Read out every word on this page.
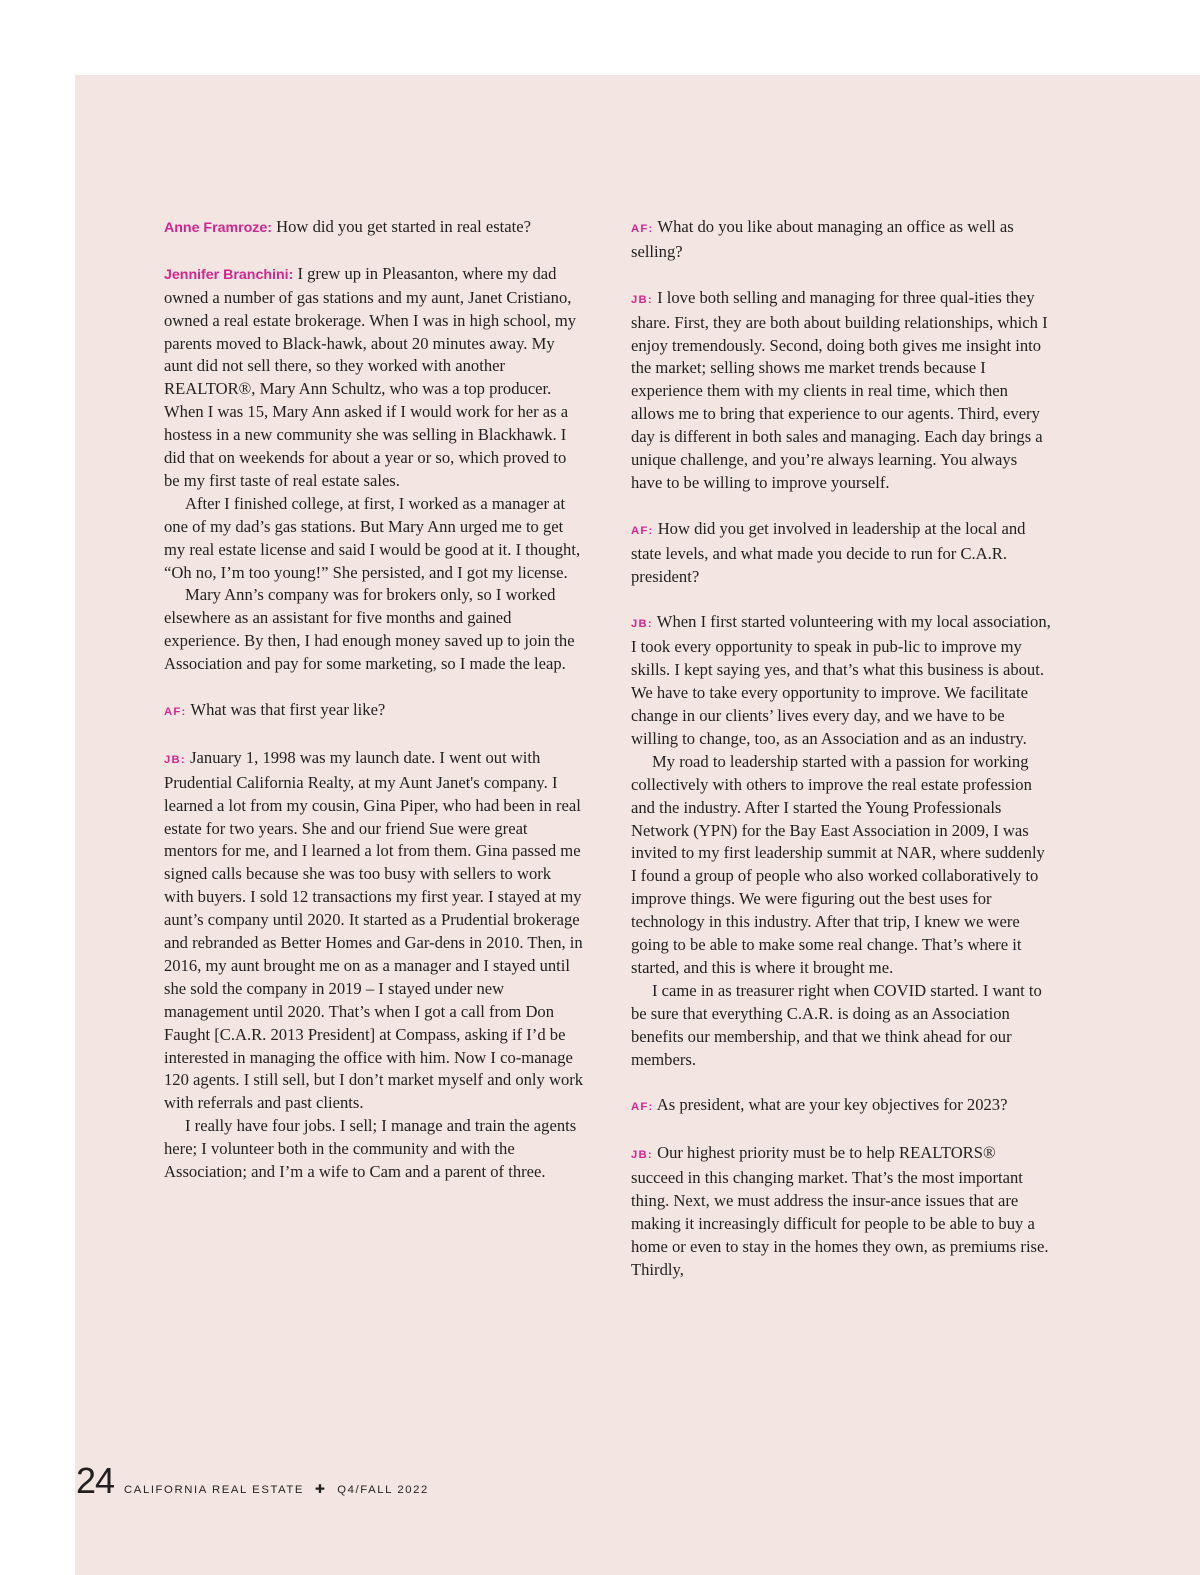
Anne Framroze: How did you get started in real estate?

Jennifer Branchini: I grew up in Pleasanton, where my dad owned a number of gas stations and my aunt, Janet Cristiano, owned a real estate brokerage. When I was in high school, my parents moved to Black-hawk, about 20 minutes away. My aunt did not sell there, so they worked with another REALTOR®, Mary Ann Schultz, who was a top producer. When I was 15, Mary Ann asked if I would work for her as a hostess in a new community she was selling in Blackhawk. I did that on weekends for about a year or so, which proved to be my first taste of real estate sales.

After I finished college, at first, I worked as a manager at one of my dad’s gas stations. But Mary Ann urged me to get my real estate license and said I would be good at it. I thought, “Oh no, I’m too young!” She persisted, and I got my license.

Mary Ann’s company was for brokers only, so I worked elsewhere as an assistant for five months and gained experience. By then, I had enough money saved up to join the Association and pay for some marketing, so I made the leap.

AF: What was that first year like?

JB: January 1, 1998 was my launch date. I went out with Prudential California Realty, at my Aunt Janet's company. I learned a lot from my cousin, Gina Piper, who had been in real estate for two years. She and our friend Sue were great mentors for me, and I learned a lot from them. Gina passed me signed calls because she was too busy with sellers to work with buyers. I sold 12 transactions my first year. I stayed at my aunt’s company until 2020. It started as a Prudential brokerage and rebranded as Better Homes and Gar-dens in 2010. Then, in 2016, my aunt brought me on as a manager and I stayed until she sold the company in 2019 – I stayed under new management until 2020. That’s when I got a call from Don Faught [C.A.R. 2013 President] at Compass, asking if I’d be interested in managing the office with him. Now I co-manage 120 agents. I still sell, but I don’t market myself and only work with referrals and past clients.

I really have four jobs. I sell; I manage and train the agents here; I volunteer both in the community and with the Association; and I’m a wife to Cam and a parent of three.

AF: What do you like about managing an office as well as selling?

JB: I love both selling and managing for three qual-ities they share. First, they are both about building relationships, which I enjoy tremendously. Second, doing both gives me insight into the market; selling shows me market trends because I experience them with my clients in real time, which then allows me to bring that experience to our agents. Third, every day is different in both sales and managing. Each day brings a unique challenge, and you’re always learning. You always have to be willing to improve yourself.

AF: How did you get involved in leadership at the local and state levels, and what made you decide to run for C.A.R. president?

JB: When I first started volunteering with my local association, I took every opportunity to speak in pub-lic to improve my skills. I kept saying yes, and that’s what this business is about. We have to take every opportunity to improve. We facilitate change in our clients’ lives every day, and we have to be willing to change, too, as an Association and as an industry.

My road to leadership started with a passion for working collectively with others to improve the real estate profession and the industry. After I started the Young Professionals Network (YPN) for the Bay East Association in 2009, I was invited to my first leadership summit at NAR, where suddenly I found a group of people who also worked collaboratively to improve things. We were figuring out the best uses for technology in this industry. After that trip, I knew we were going to be able to make some real change. That’s where it started, and this is where it brought me.

I came in as treasurer right when COVID started. I want to be sure that everything C.A.R. is doing as an Association benefits our membership, and that we think ahead for our members.

AF: As president, what are your key objectives for 2023?

JB: Our highest priority must be to help REALTORS® succeed in this changing market. That’s the most important thing. Next, we must address the insur-ance issues that are making it increasingly difficult for people to be able to buy a home or even to stay in the homes they own, as premiums rise. Thirdly,

24 CALIFORNIA REAL ESTATE ✚ Q4/FALL 2022
